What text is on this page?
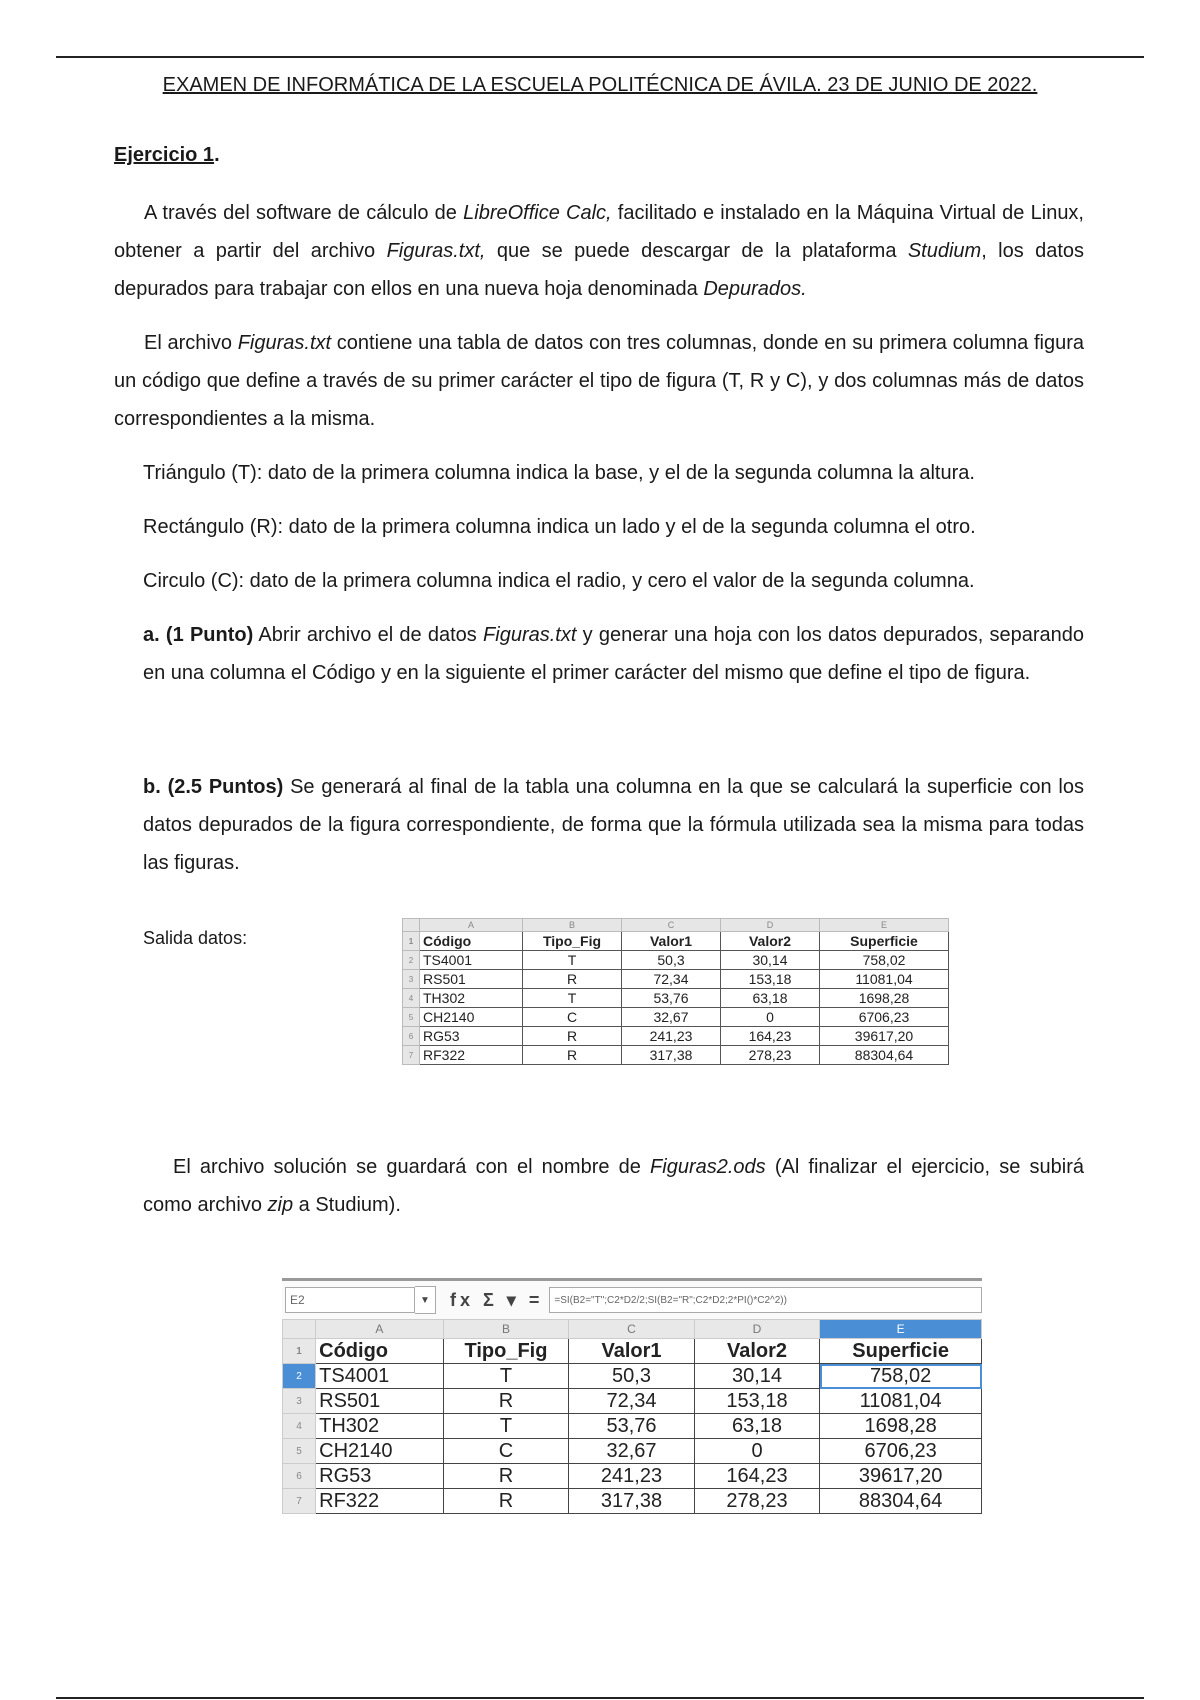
EXAMEN DE INFORMÁTICA DE LA ESCUELA POLITÉCNICA DE ÁVILA. 23 DE JUNIO DE 2022.
Ejercicio 1.
A través del software de cálculo de LibreOffice Calc, facilitado e instalado en la Máquina Virtual de Linux, obtener a partir del archivo Figuras.txt, que se puede descargar de la plataforma Studium, los datos depurados para trabajar con ellos en una nueva hoja denominada Depurados.
El archivo Figuras.txt contiene una tabla de datos con tres columnas, donde en su primera columna figura un código que define a través de su primer carácter el tipo de figura (T, R y C), y dos columnas más de datos correspondientes a la misma.
Triángulo (T): dato de la primera columna indica la base, y el de la segunda columna la altura.
Rectángulo (R): dato de la primera columna indica un lado y el de la segunda columna el otro.
Circulo (C): dato de la primera columna indica el radio, y cero el valor de la segunda columna.
a. (1 Punto) Abrir archivo el de datos Figuras.txt y generar una hoja con los datos depurados, separando en una columna el Código y en la siguiente el primer carácter del mismo que define el tipo de figura.
b. (2.5 Puntos) Se generará al final de la tabla una columna en la que se calculará la superficie con los datos depurados de la figura correspondiente, de forma que la fórmula utilizada sea la misma para todas las figuras.
Salida datos:
	A	B	C	D	E
1	Código	Tipo_Fig	Valor1	Valor2	Superficie
2	TS4001	T	50,3	30,14	758,02
3	RS501	R	72,34	153,18	11081,04
4	TH302	T	53,76	63,18	1698,28
5	CH2140	C	32,67	0	6706,23
6	RG53	R	241,23	164,23	39617,20
7	RF322	R	317,38	278,23	88304,64
El archivo solución se guardará con el nombre de Figuras2.ods (Al finalizar el ejercicio, se subirá como archivo zip a Studium).
E2	▼	fx Σ ▾ =	=SI(B2="T";C2*D2/2;SI(B2="R";C2*D2;2*PI()*C2^2))
	A	B	C	D	E
1	Código	Tipo_Fig	Valor1	Valor2	Superficie
2	TS4001	T	50,3	30,14	758,02
3	RS501	R	72,34	153,18	11081,04
4	TH302	T	53,76	63,18	1698,28
5	CH2140	C	32,67	0	6706,23
6	RG53	R	241,23	164,23	39617,20
7	RF322	R	317,38	278,23	88304,64
